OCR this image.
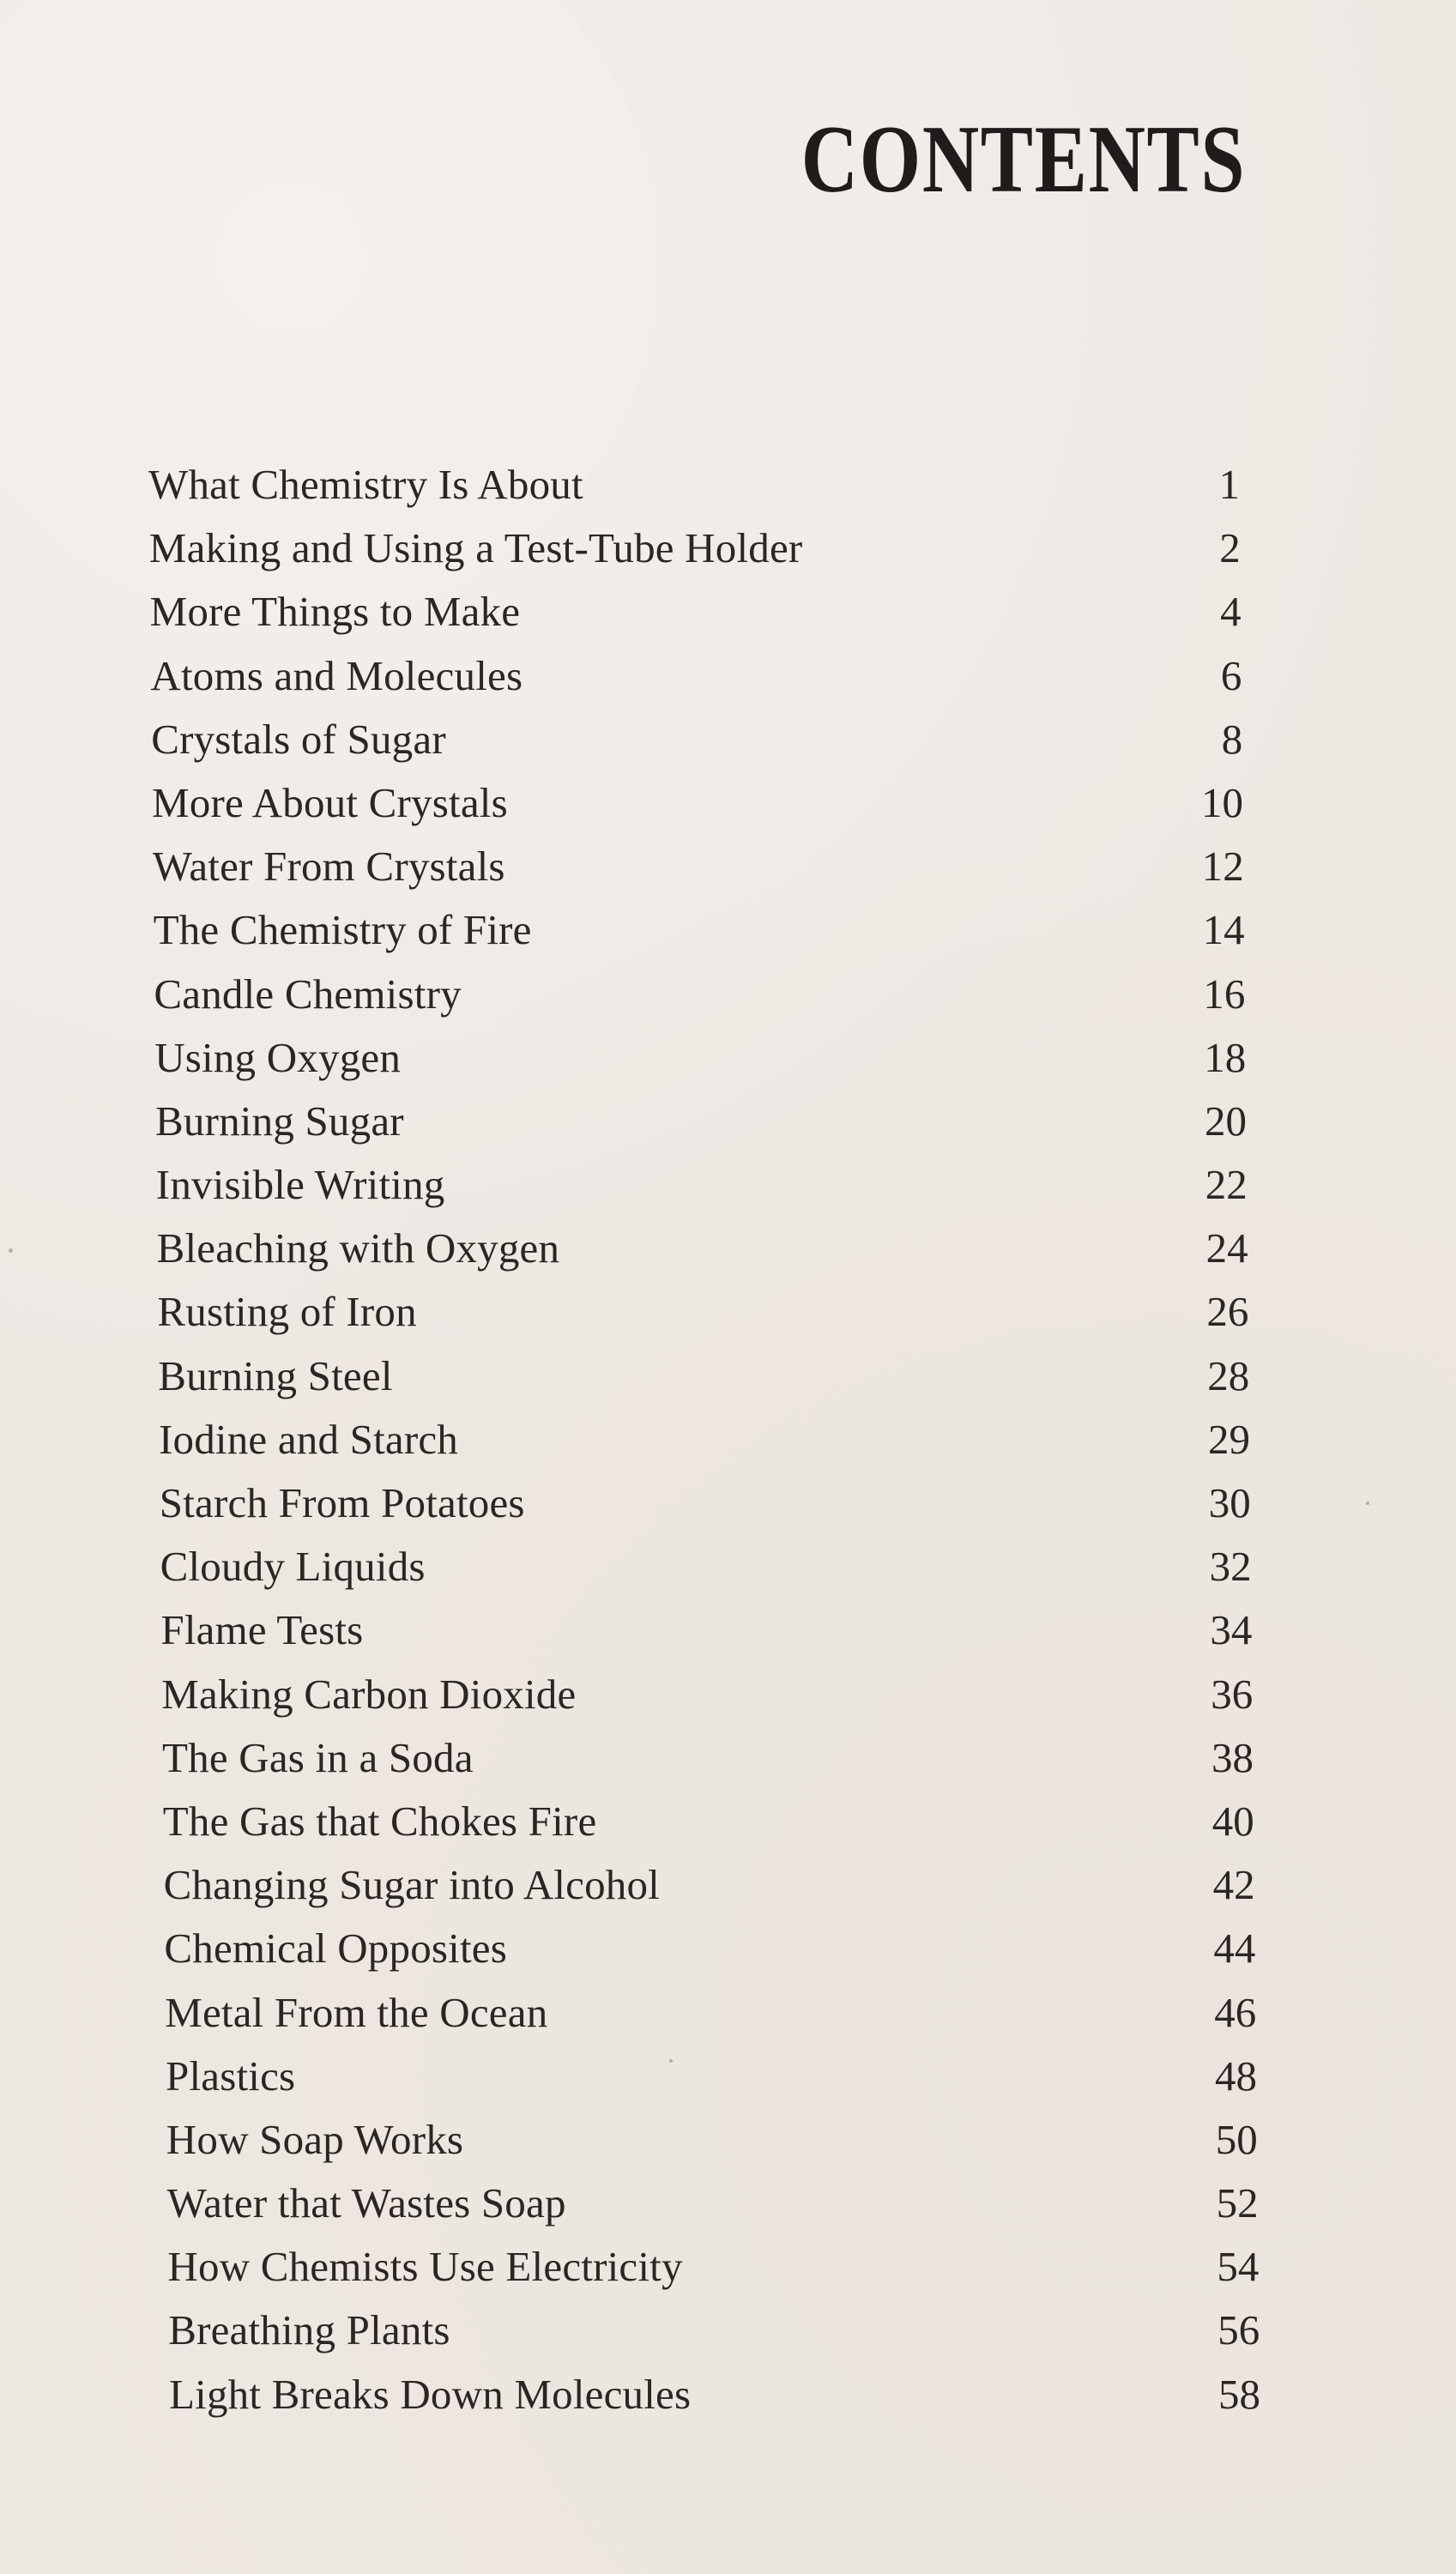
CONTENTS
What Chemistry Is About	1
Making and Using a Test-Tube Holder	2
More Things to Make	4
Atoms and Molecules	6
Crystals of Sugar	8
More About Crystals	10
Water From Crystals	12
The Chemistry of Fire	14
Candle Chemistry	16
Using Oxygen	18
Burning Sugar	20
Invisible Writing	22
Bleaching with Oxygen	24
Rusting of Iron	26
Burning Steel	28
Iodine and Starch	29
Starch From Potatoes	30
Cloudy Liquids	32
Flame Tests	34
Making Carbon Dioxide	36
The Gas in a Soda	38
The Gas that Chokes Fire	40
Changing Sugar into Alcohol	42
Chemical Opposites	44
Metal From the Ocean	46
Plastics	48
How Soap Works	50
Water that Wastes Soap	52
How Chemists Use Electricity	54
Breathing Plants	56
Light Breaks Down Molecules	58
